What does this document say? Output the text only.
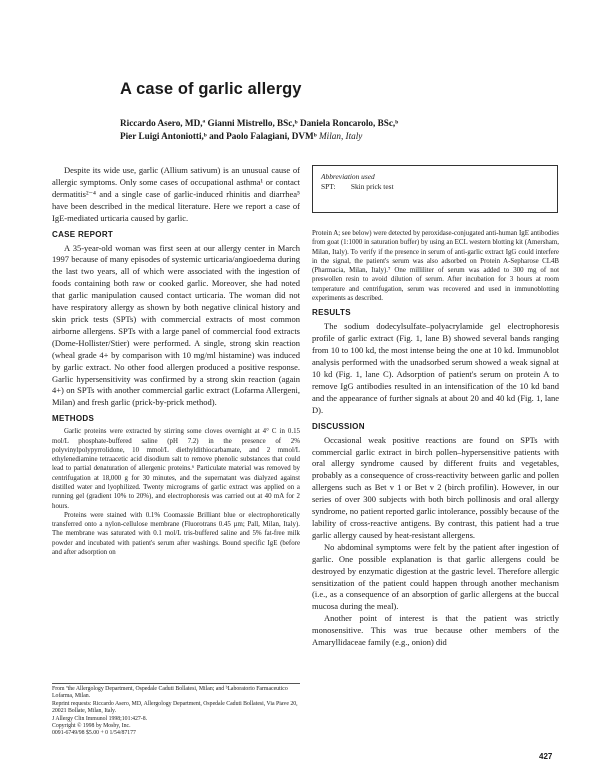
A case of garlic allergy
Riccardo Asero, MD,ª Gianni Mistrello, BSc,ᵇ Daniela Roncarolo, BSc,ᵇ
Pier Luigi Antoniotti,ᵇ and Paolo Falagiani, DVMᵇ Milan, Italy

Despite its wide use, garlic (Allium sativum) is an unusual cause of allergic symptoms. Only some cases of occupational asthma¹ or contact dermatitis²⁻⁴ and a single case of garlic-induced rhinitis and diarrhea⁵ have been described in the medical literature. Here we report a case of IgE-mediated urticaria caused by garlic.

CASE REPORT

A 35-year-old woman was first seen at our allergy center in March 1997 because of many episodes of systemic urticaria/angioedema during the last two years, all of which were associated with the ingestion of foods containing both raw or cooked garlic. Moreover, she had noted that garlic manipulation caused contact urticaria. The woman did not have respiratory allergy as shown by both negative clinical history and skin prick tests (SPTs) with commercial extracts of most common airborne allergens. SPTs with a large panel of commercial food extracts (Dome-Hollister/Stier) were performed. A single, strong skin reaction (wheal grade 4+ by comparison with 10 mg/ml histamine) was induced by garlic extract. No other food allergen produced a positive response. Garlic hypersensitivity was confirmed by a strong skin reaction (again 4+) on SPTs with another commercial garlic extract (Lofarma Allergeni, Milan) and fresh garlic (prick-by-prick method).

METHODS

Garlic proteins were extracted by stirring some cloves overnight at 4° C in 0.15 mol/L phosphate-buffered saline (pH 7.2) in the presence of 2% polyvinylpolypyrrolidone, 10 mmol/L diethyldithiocarbamate, and 2 mmol/L ethylenediamine tetraacetic acid disodium salt to remove phenolic substances that could lead to partial denaturation of allergenic proteins.⁶ Particulate material was removed by centrifugation at 18,000 g for 30 minutes, and the supernatant was dialyzed against distilled water and lyophilized. Twenty micrograms of garlic extract was applied on a running gel (gradient 10% to 20%), and electrophoresis was carried out at 40 mA for 2 hours.

Proteins were stained with 0.1% Coomassie Brilliant blue or electrophoretically transferred onto a nylon-cellulose membrane (Fluorotrans 0.45 µm; Pall, Milan, Italy). The membrane was saturated with 0.1 mol/L tris-buffered saline and 5% fat-free milk powder and incubated with patient's serum after washings. Bound specific IgE (before and after adsorption on

Abbreviation used
SPT: Skin prick test

Protein A; see below) were detected by peroxidase-conjugated anti-human IgE antibodies from goat (1:1000 in saturation buffer) by using an ECL western blotting kit (Amersham, Milan, Italy). To verify if the presence in serum of anti-garlic extract IgG could interfere in the signal, the patient's serum was also adsorbed on Protein A-Sepharose CL4B (Pharmacia, Milan, Italy).⁷ One milliliter of serum was added to 300 mg of not preswollen resin to avoid dilution of serum. After incubation for 3 hours at room temperature and centrifugation, serum was recovered and used in immunoblotting experiments as described.

RESULTS

The sodium dodecylsulfate–polyacrylamide gel electrophoresis profile of garlic extract (Fig. 1, lane B) showed several bands ranging from 10 to 100 kd, the most intense being the one at 10 kd. Immunoblot analysis performed with the unadsorbed serum showed a weak signal at 10 kd (Fig. 1, lane C). Adsorption of patient's serum on protein A to remove IgG antibodies resulted in an intensification of the 10 kd band and the appearance of further signals at about 20 and 40 kd (Fig. 1, lane D).

DISCUSSION

Occasional weak positive reactions are found on SPTs with commercial garlic extract in birch pollen–hypersensitive patients with oral allergy syndrome caused by different fruits and vegetables, probably as a consequence of cross-reactivity between garlic and pollen allergens such as Bet v 1 or Bet v 2 (birch profilin). However, in our series of over 300 subjects with both birch pollinosis and oral allergy syndrome, no patient reported garlic intolerance, possibly because of the lability of cross-reactive antigens. By contrast, this patient had a true garlic allergy caused by heat-resistant allergens.

No abdominal symptoms were felt by the patient after ingestion of garlic. One possible explanation is that garlic allergens could be destroyed by enzymatic digestion at the gastric level. Therefore allergic sensitization of the patient could happen through another mechanism (i.e., as a consequence of an absorption of garlic allergens at the buccal mucosa during the meal).

Another point of interest is that the patient was strictly monosensitive. This was true because other members of the Amaryllidaceae family (e.g., onion) did

From ªthe Allergology Department, Ospedale Caduti Bollatesi, Milan; and ᵇLaboratorio Farmaceutico Lofarma, Milan.
Reprint requests: Riccardo Asero, MD, Allergology Department, Ospedale Caduti Bollatesi, Via Piave 20, 20021 Bollate, Milan, Italy.
J Allergy Clin Immunol 1998;101:427-8.
Copyright © 1998 by Mosby, Inc.
0091-6749/98 $5.00 + 0 1/54/87177
427
